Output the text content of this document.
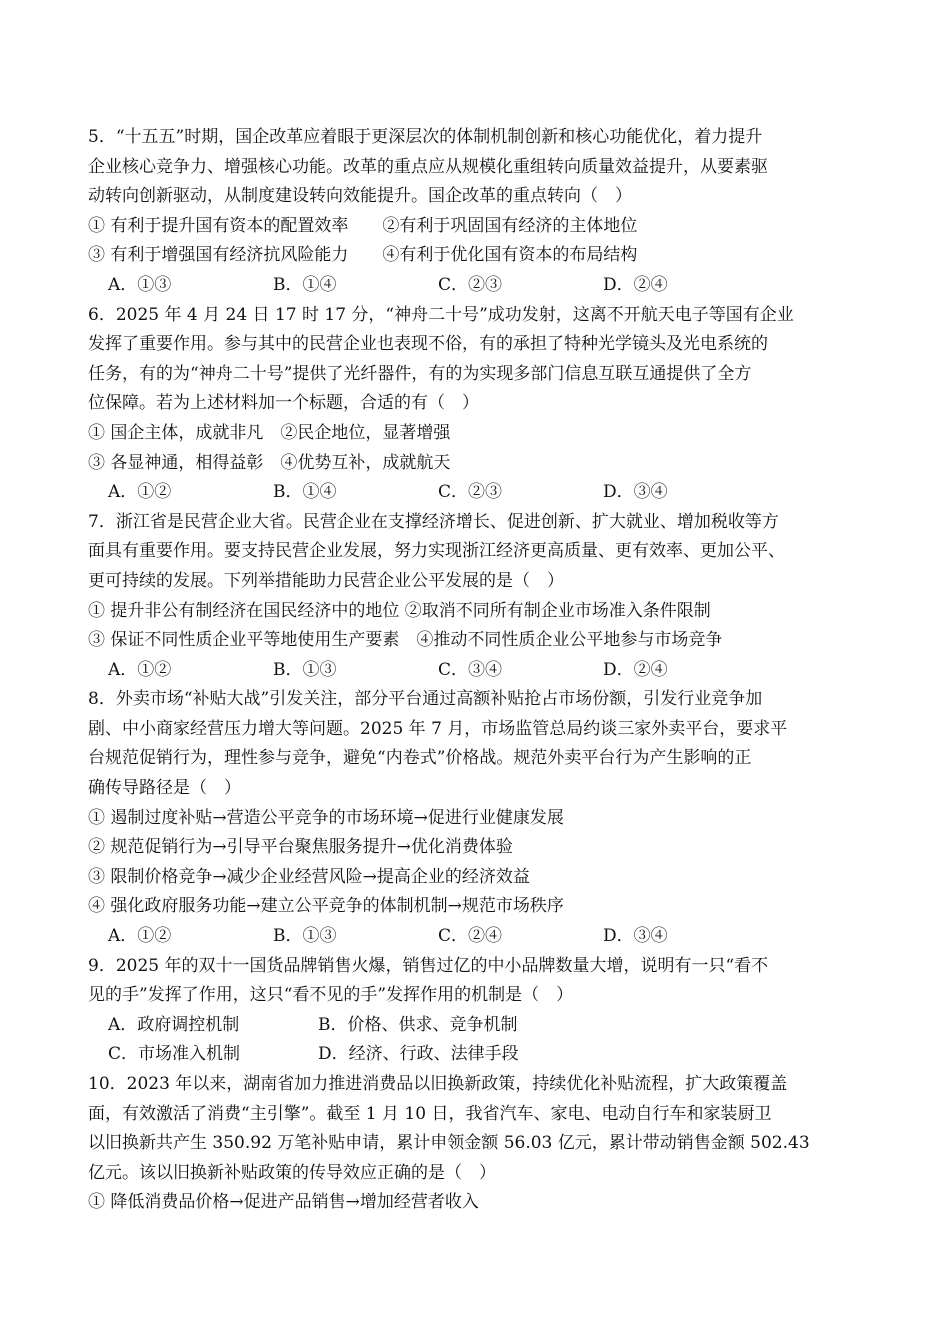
5．“十五五”时期，国企改革应着眼于更深层次的体制机制创新和核心功能优化，着力提升
企业核心竞争力、增强核心功能。改革的重点应从规模化重组转向质量效益提升，从要素驱
动转向创新驱动，从制度建设转向效能提升。国企改革的重点转向（　）
① 有利于提升国有资本的配置效率　　②有利于巩固国有经济的主体地位
③ 有利于增强国有经济抗风险能力　　④有利于优化国有资本的布局结构
A．①③	B．①④	C．②③	D．②④
6．2025 年 4 月 24 日 17 时 17 分，“神舟二十号”成功发射，这离不开航天电子等国有企业
发挥了重要作用。参与其中的民营企业也表现不俗，有的承担了特种光学镜头及光电系统的
任务，有的为“神舟二十号”提供了光纤器件，有的为实现多部门信息互联互通提供了全方
位保障。若为上述材料加一个标题，合适的有（　）
① 国企主体，成就非凡　②民企地位，显著增强
③ 各显神通，相得益彰　④优势互补，成就航天
A．①②	B．①④	C．②③	D．③④
7．浙江省是民营企业大省。民营企业在支撑经济增长、促进创新、扩大就业、增加税收等方
面具有重要作用。要支持民营企业发展，努力实现浙江经济更高质量、更有效率、更加公平、
更可持续的发展。下列举措能助力民营企业公平发展的是（　）
① 提升非公有制经济在国民经济中的地位 ②取消不同所有制企业市场准入条件限制
③ 保证不同性质企业平等地使用生产要素　④推动不同性质企业公平地参与市场竞争
A．①②	B．①③	C．③④	D．②④
8．外卖市场“补贴大战”引发关注，部分平台通过高额补贴抢占市场份额，引发行业竞争加
剧、中小商家经营压力增大等问题。2025 年 7 月，市场监管总局约谈三家外卖平台，要求平
台规范促销行为，理性参与竞争，避免“内卷式”价格战。规范外卖平台行为产生影响的正
确传导路径是（　）
① 遏制过度补贴→营造公平竞争的市场环境→促进行业健康发展
② 规范促销行为→引导平台聚焦服务提升→优化消费体验
③ 限制价格竞争→减少企业经营风险→提高企业的经济效益
④ 强化政府服务功能→建立公平竞争的体制机制→规范市场秩序
A．①②	B．①③	C．②④	D．③④
9．2025 年的双十一国货品牌销售火爆，销售过亿的中小品牌数量大增，说明有一只“看不
见的手”发挥了作用，这只“看不见的手”发挥作用的机制是（　）
A．政府调控机制	B．价格、供求、竞争机制
C．市场准入机制	D．经济、行政、法律手段
10．2023 年以来，湖南省加力推进消费品以旧换新政策，持续优化补贴流程，扩大政策覆盖
面，有效激活了消费“主引擎”。截至 1 月 10 日，我省汽车、家电、电动自行车和家装厨卫
以旧换新共产生 350.92 万笔补贴申请，累计申领金额 56.03 亿元，累计带动销售金额 502.43
亿元。该以旧换新补贴政策的传导效应正确的是（　）
① 降低消费品价格→促进产品销售→增加经营者收入
